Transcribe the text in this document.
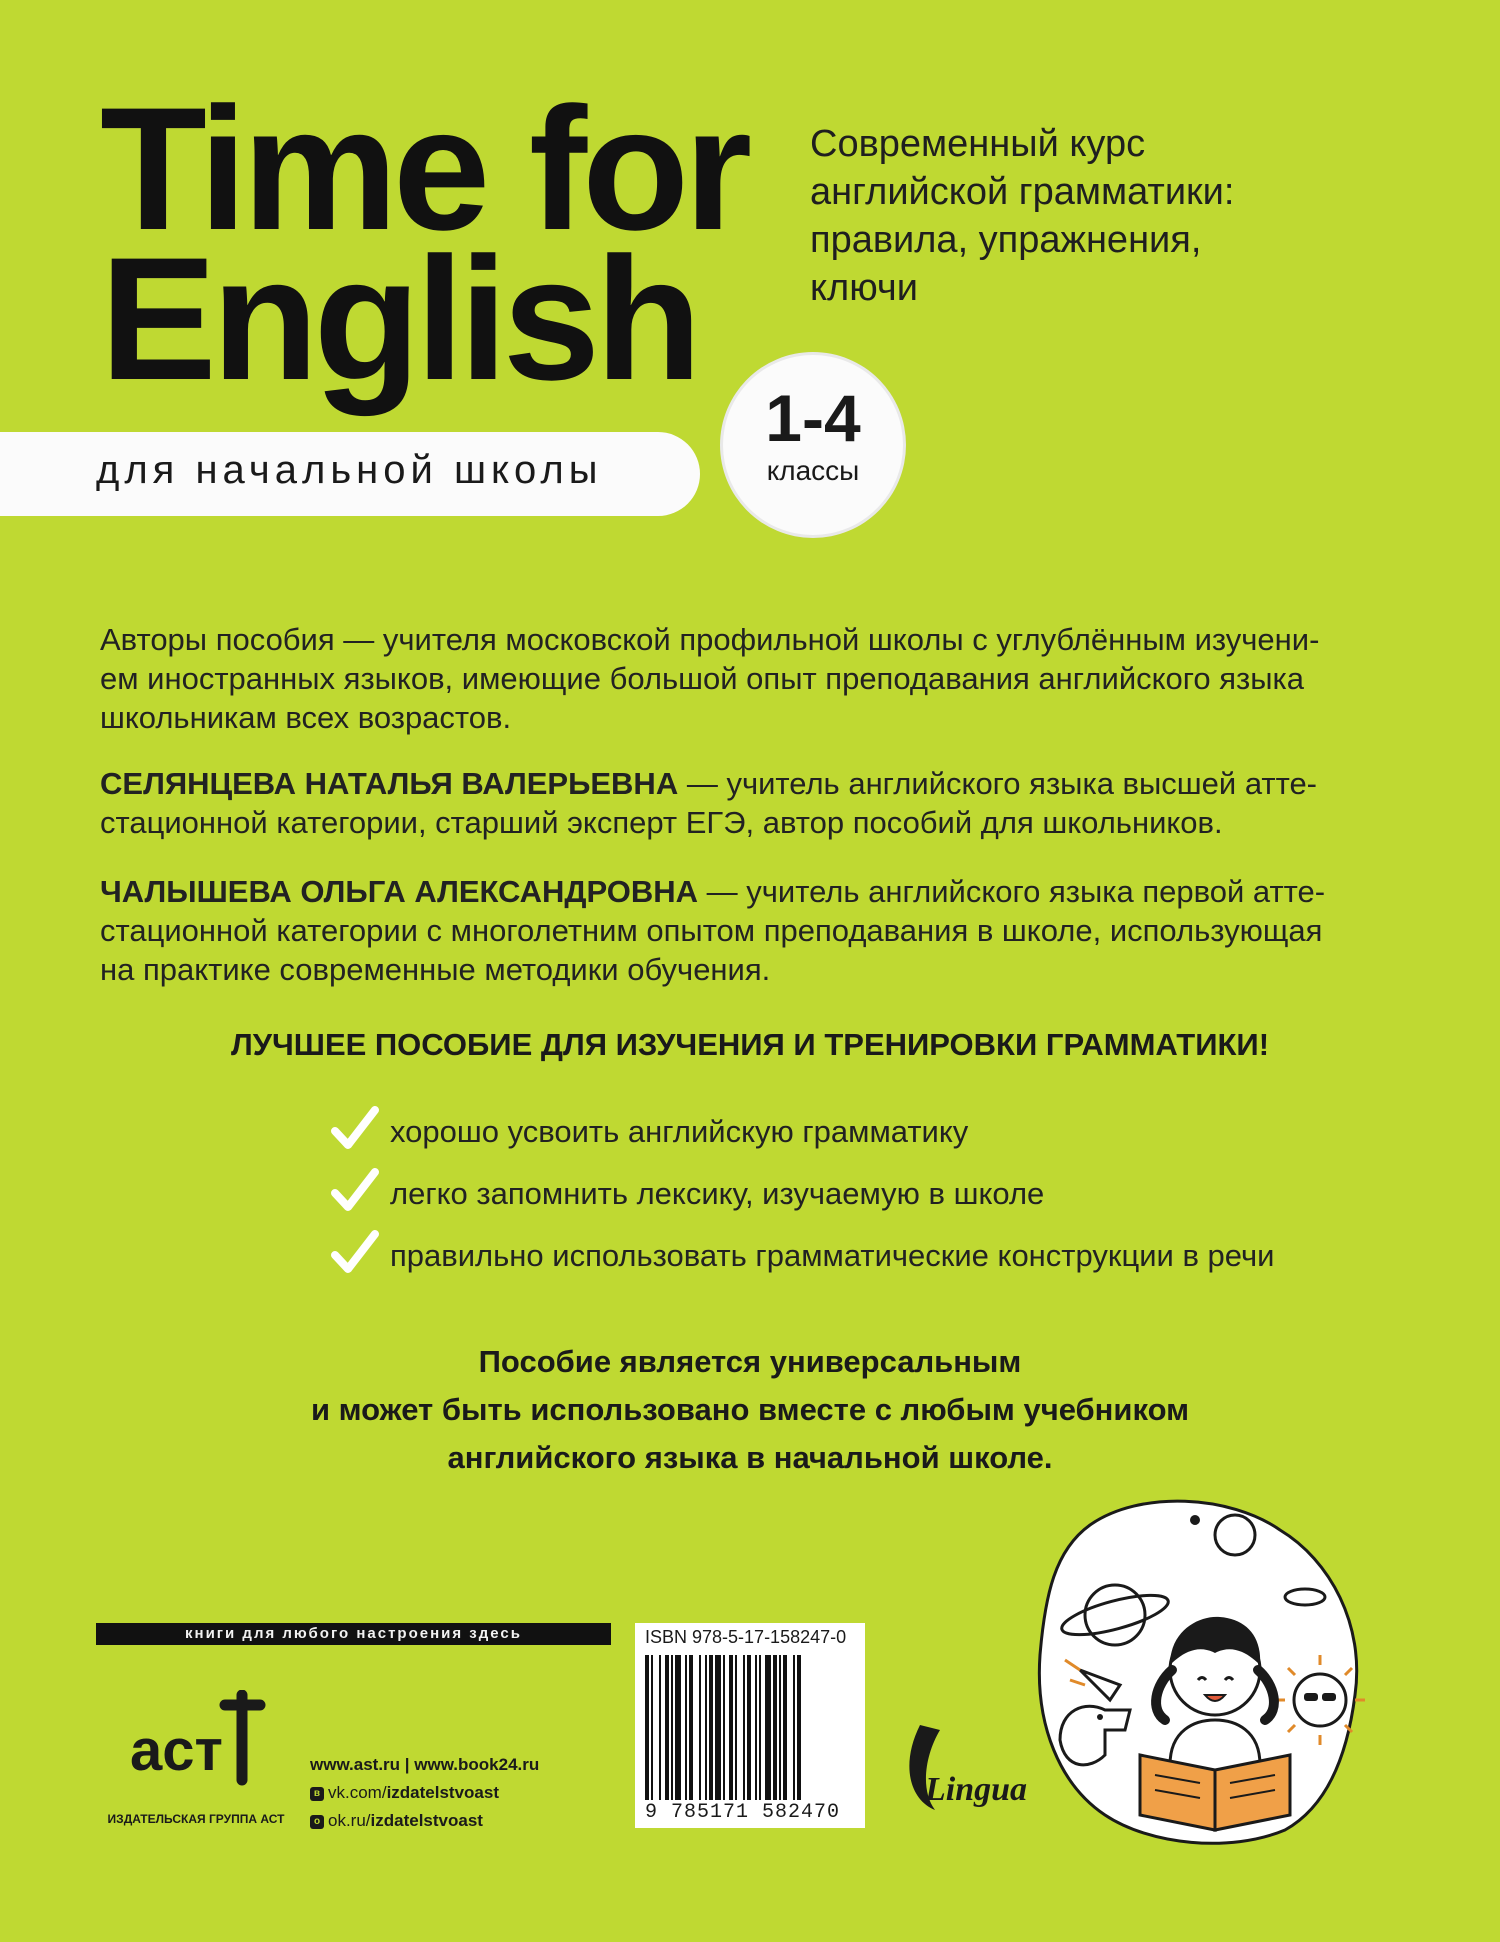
Time for
English
Современный курс
английской грамматики:
правила, упражнения,
ключи
для начальной школы
1-4
классы
Авторы пособия — учителя московской профильной школы с углублённым изучени-
ем иностранных языков, имеющие большой опыт преподавания английского языка
школьникам всех возрастов.
СЕЛЯНЦЕВА НАТАЛЬЯ ВАЛЕРЬЕВНА — учитель английского языка высшей атте-
стационной категории, старший эксперт ЕГЭ, автор пособий для школьников.
ЧАЛЫШЕВА ОЛЬГА АЛЕКСАНДРОВНА — учитель английского языка первой атте-
стационной категории с многолетним опытом преподавания в школе, использующая
на практике современные методики обучения.
ЛУЧШЕЕ ПОСОБИЕ ДЛЯ ИЗУЧЕНИЯ И ТРЕНИРОВКИ ГРАММАТИКИ!
хорошо усвоить английскую грамматику
легко запомнить лексику, изучаемую в школе
правильно использовать грамматические конструкции в речи
Пособие является универсальным
и может быть использовано вместе с любым учебником
английского языка в начальной школе.
книги для любого настроения здесь
аст
ИЗДАТЕЛЬСКАЯ ГРУППА АСТ
www.ast.ru | www.book24.ru
в vk.com/izdatelstvoast
о ok.ru/izdatelstvoast
ISBN 978-5-17-158247-0
9 785171 582470
Lingua
